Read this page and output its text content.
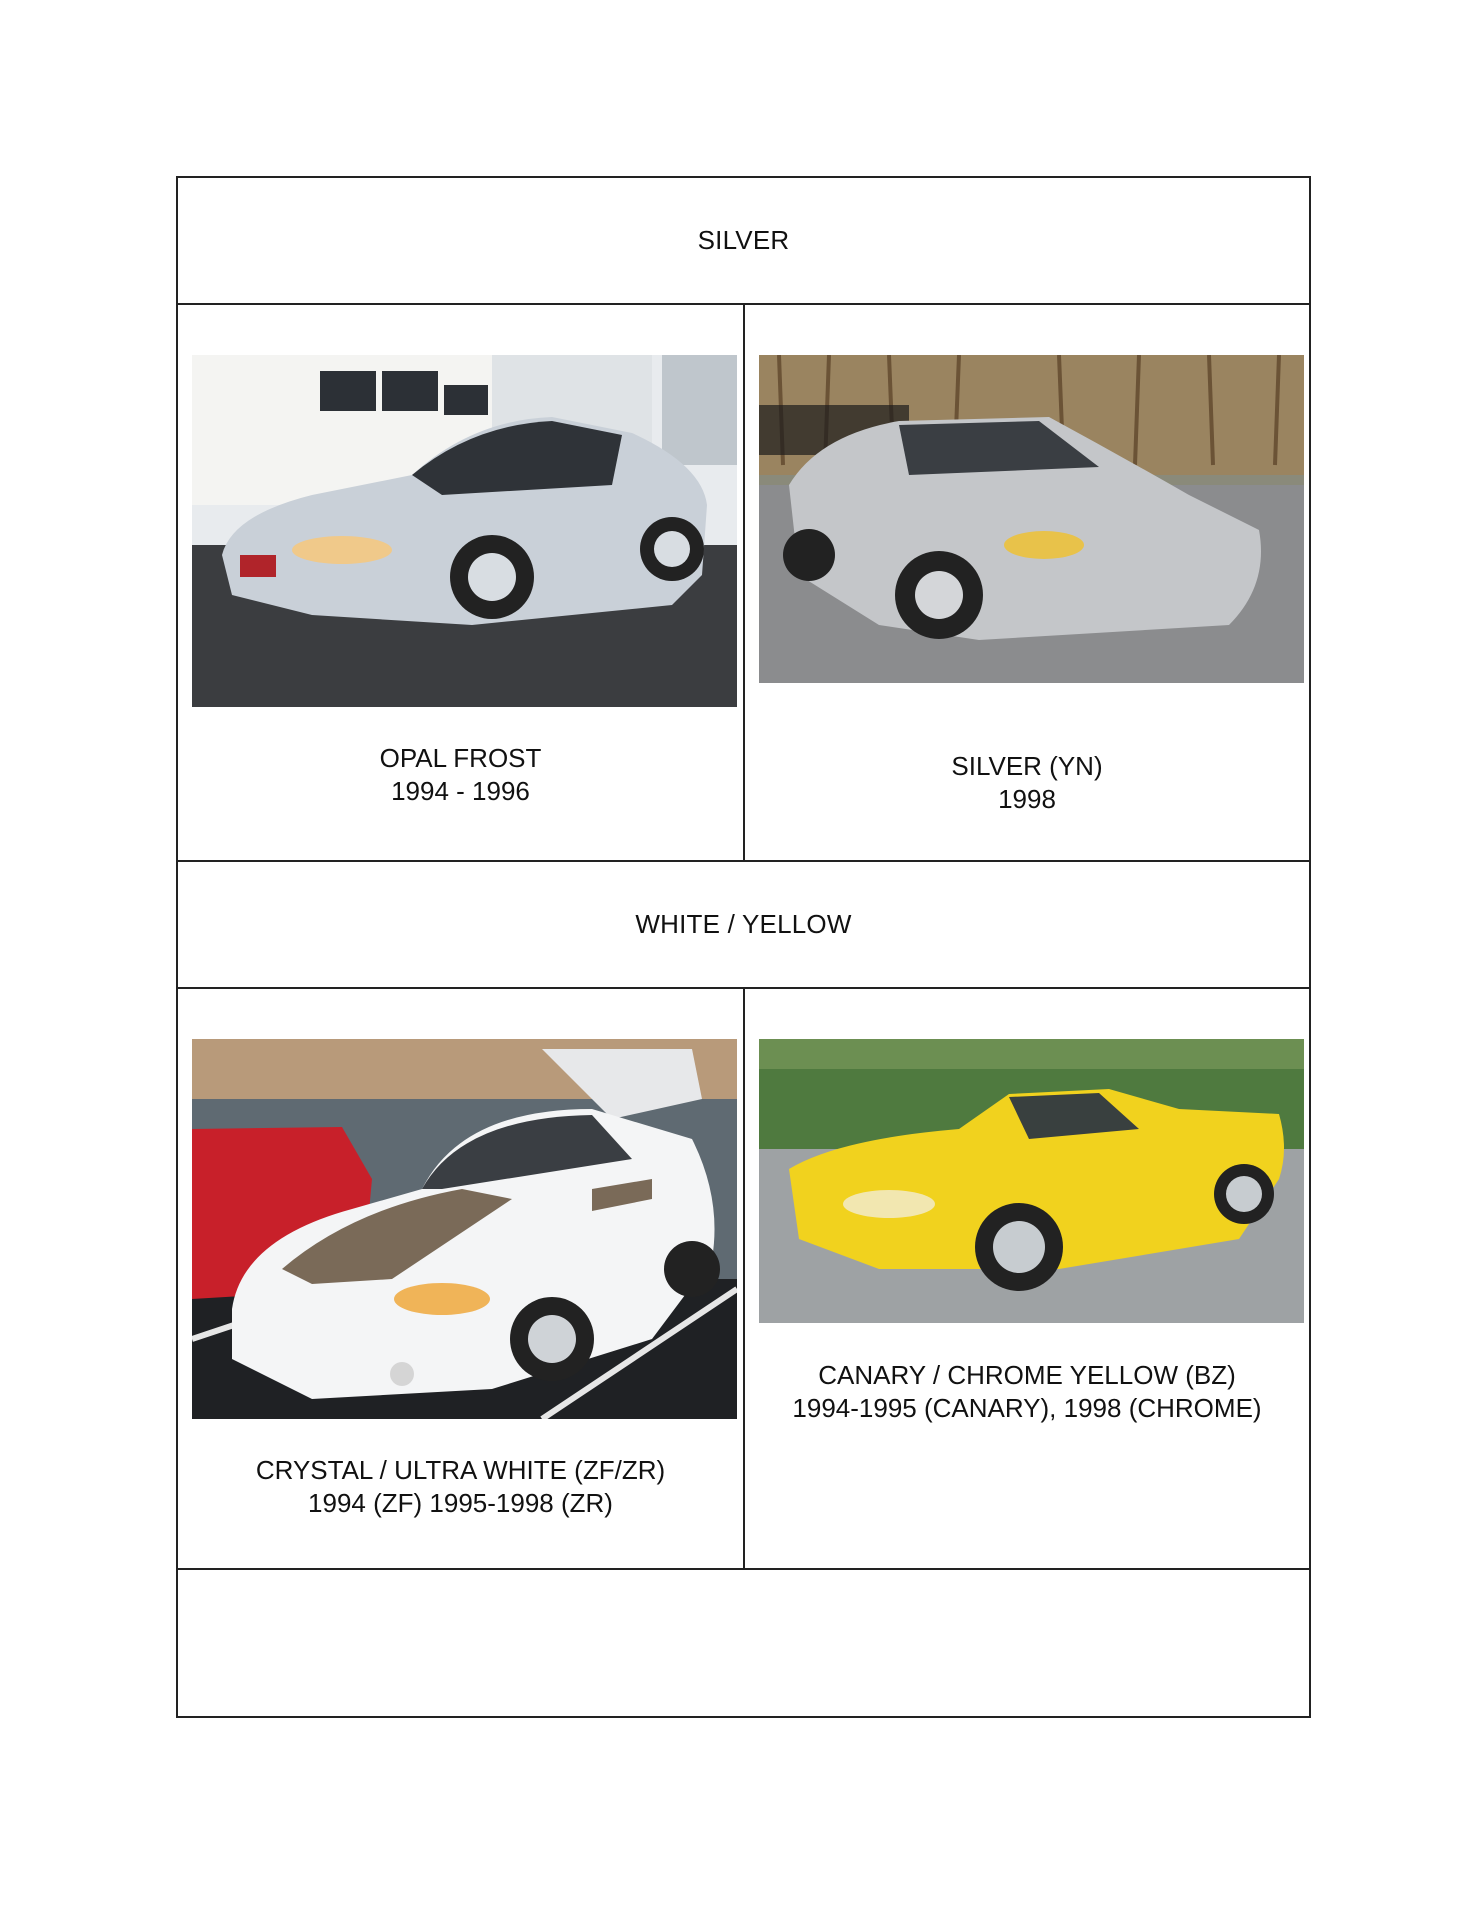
SILVER
OPAL FROST
1994 - 1996
SILVER (YN)
1998
WHITE / YELLOW
CRYSTAL / ULTRA WHITE (ZF/ZR)
1994 (ZF) 1995-1998 (ZR)
CANARY / CHROME YELLOW (BZ)
1994-1995 (CANARY), 1998 (CHROME)
